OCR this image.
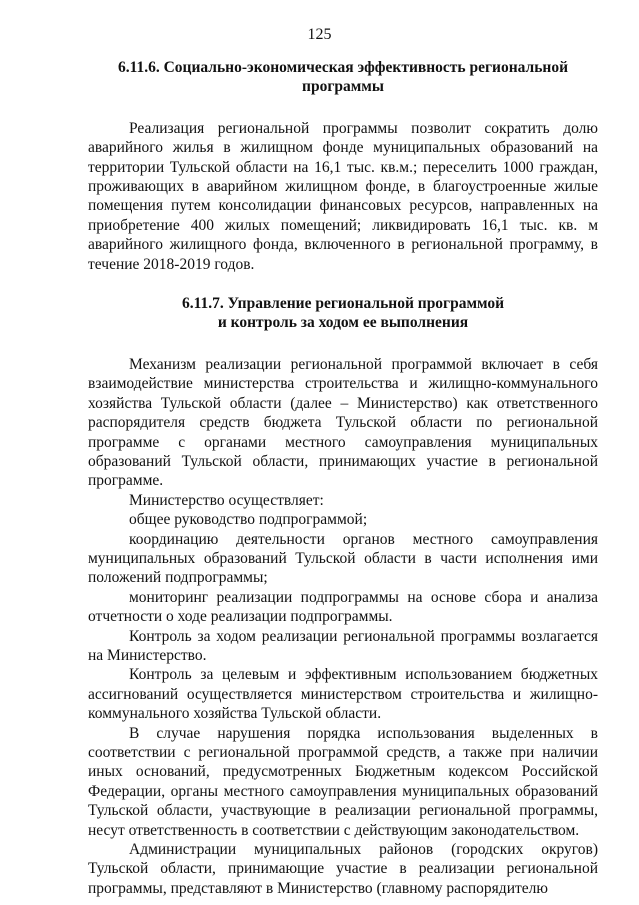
125
6.11.6. Социально-экономическая эффективность региональной
программы

Реализация региональной программы позволит сократить долю аварийного жилья в жилищном фонде муниципальных образований на территории Тульской области на 16,1 тыс. кв.м.; переселить 1000 граждан, проживающих в аварийном жилищном фонде, в благоустроенные жилые помещения путем консолидации финансовых ресурсов, направленных на приобретение 400 жилых помещений; ликвидировать 16,1 тыс. кв. м аварийного жилищного фонда, включенного в региональной программу, в течение 2018-2019 годов.

6.11.7. Управление региональной программой
и контроль за ходом ее выполнения

Механизм реализации региональной программой включает в себя взаимодействие министерства строительства и жилищно-коммунального хозяйства Тульской области (далее – Министерство) как ответственного распорядителя средств бюджета Тульской области по региональной программе с органами местного самоуправления муниципальных образований Тульской области, принимающих участие в региональной программе.

Министерство осуществляет:

общее руководство подпрограммой;

координацию деятельности органов местного самоуправления муниципальных образований Тульской области в части исполнения ими положений подпрограммы;

мониторинг реализации подпрограммы на основе сбора и анализа отчетности о ходе реализации подпрограммы.

Контроль за ходом реализации региональной программы возлагается на Министерство.

Контроль за целевым и эффективным использованием бюджетных ассигнований осуществляется министерством строительства и жилищно-коммунального хозяйства Тульской области.

В случае нарушения порядка использования выделенных в соответствии с региональной программой средств, а также при наличии иных оснований, предусмотренных Бюджетным кодексом Российской Федерации, органы местного самоуправления муниципальных образований Тульской области, участвующие в реализации региональной программы, несут ответственность в соответствии с действующим законодательством.

Администрации муниципальных районов (городских округов) Тульской области, принимающие участие в реализации региональной программы, представляют в Министерство (главному распорядителю
